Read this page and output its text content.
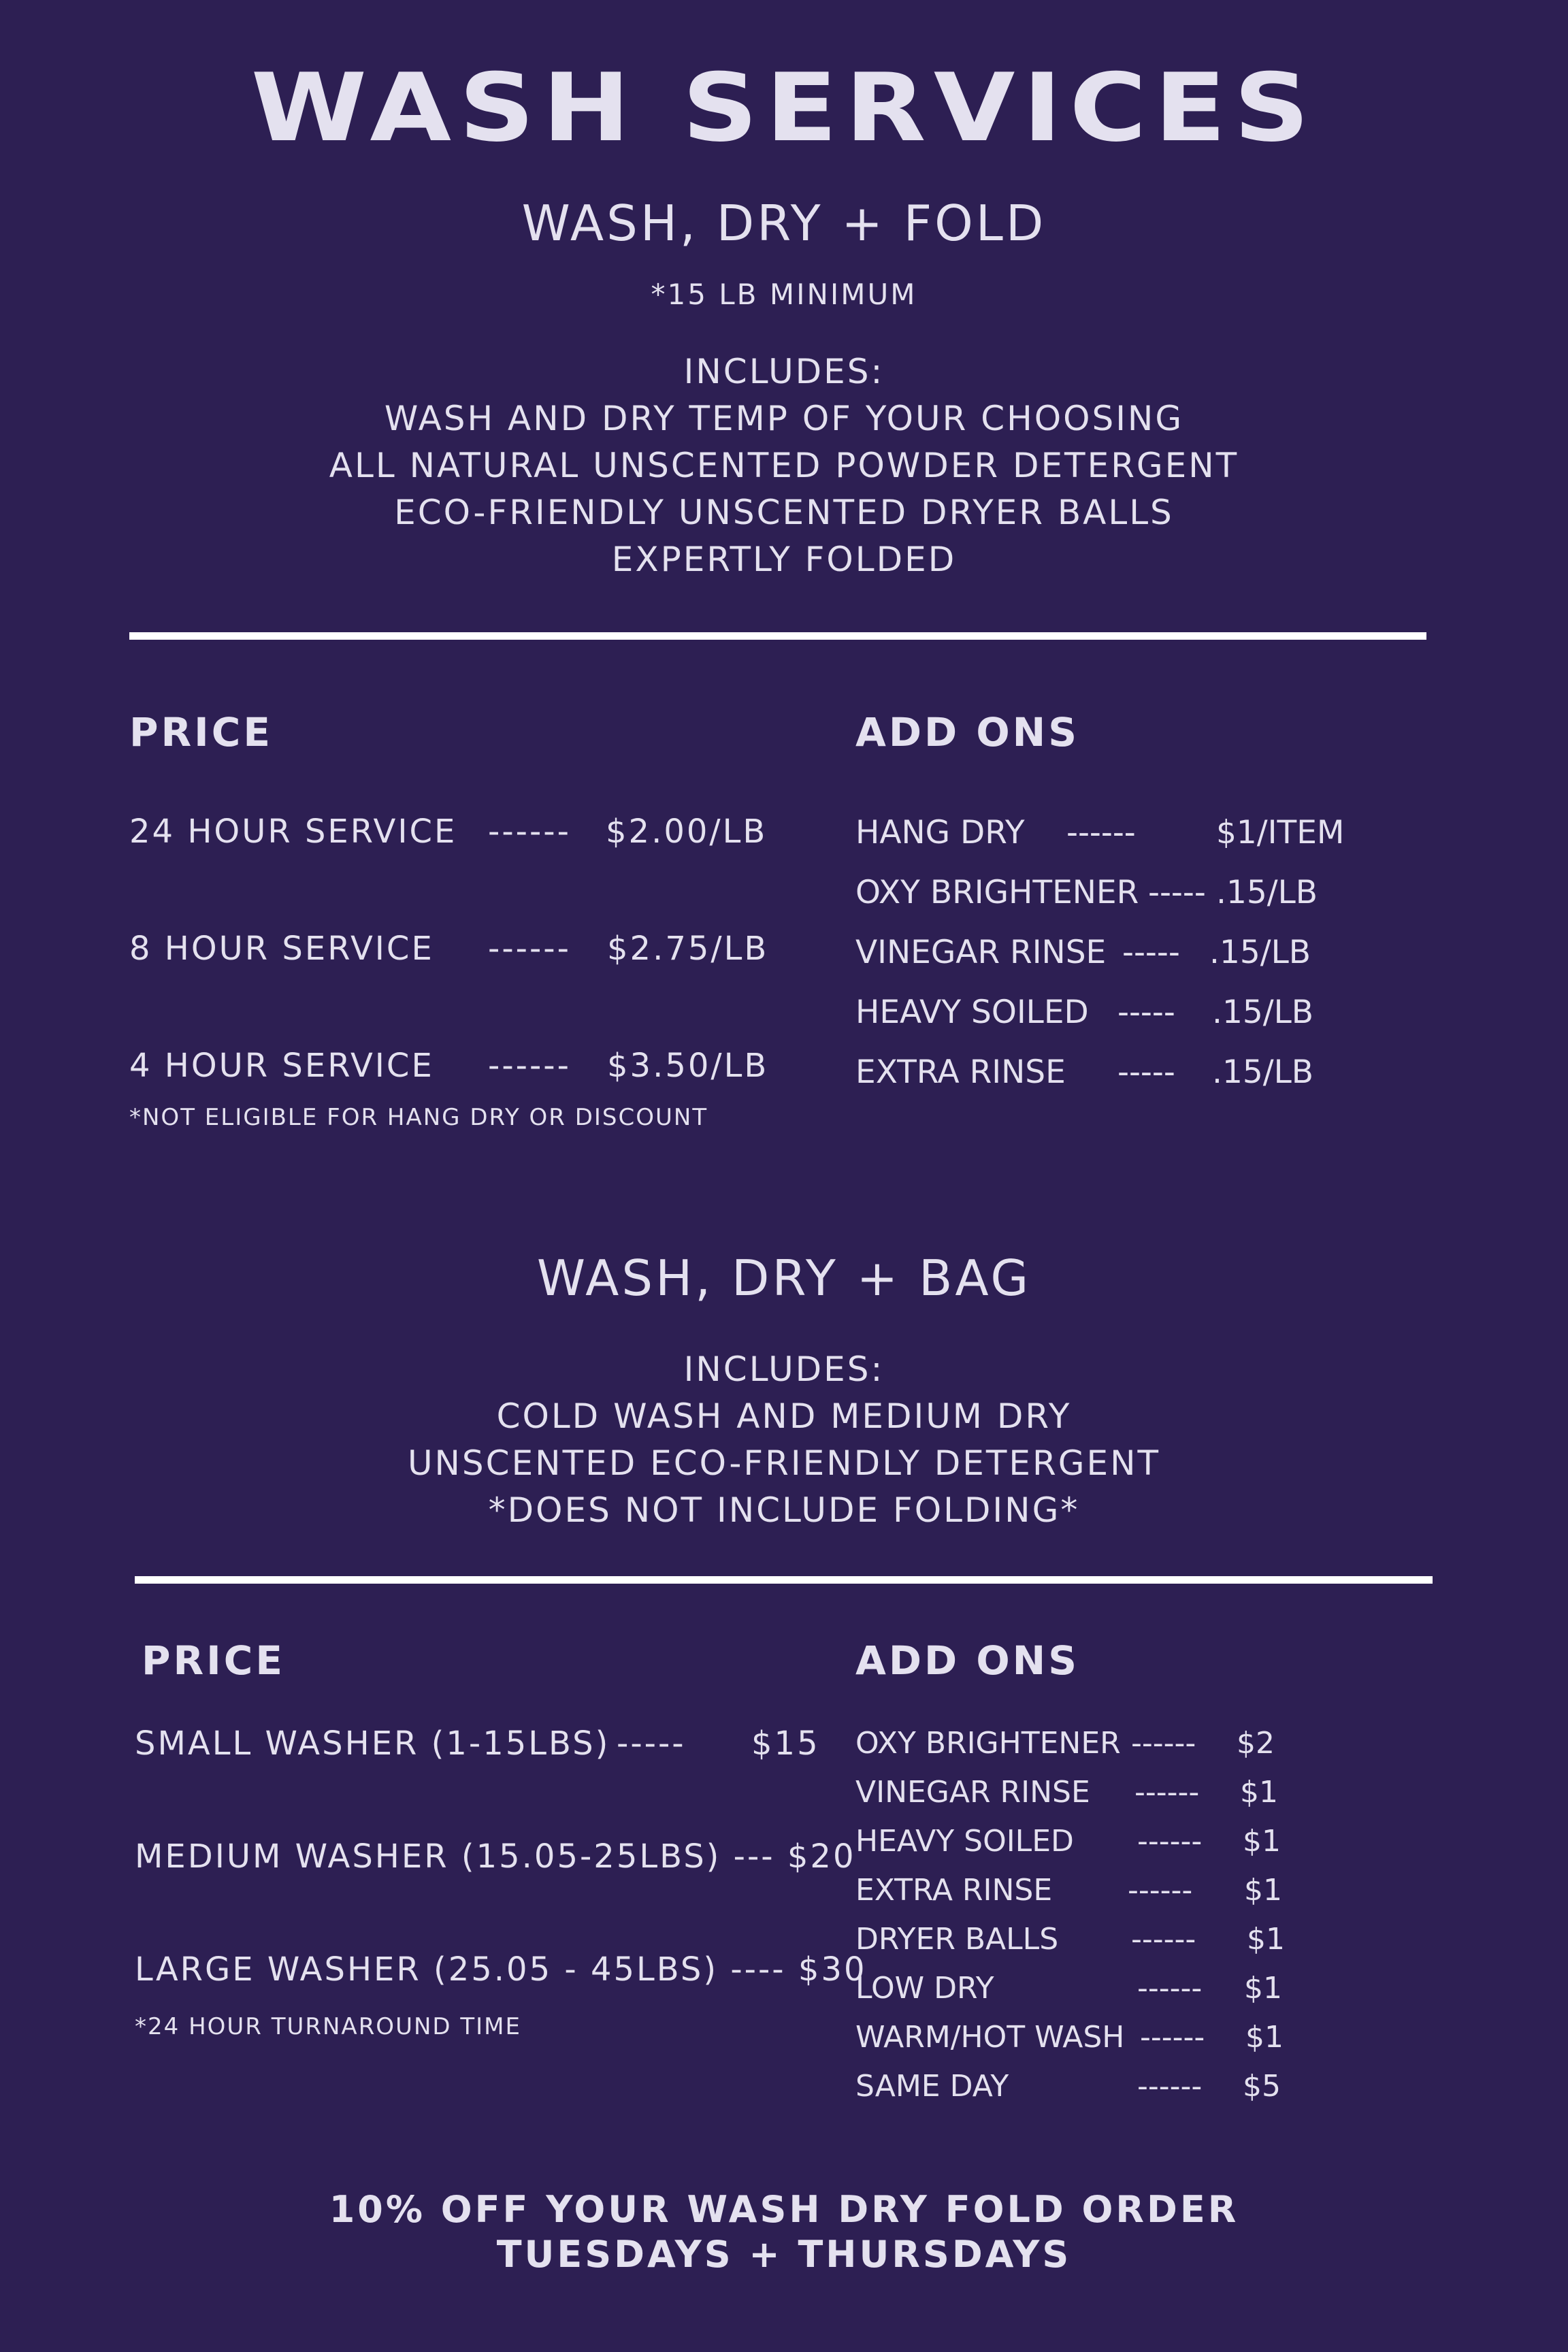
WASH SERVICES
WASH, DRY + FOLD
*15 LB MINIMUM
INCLUDES:
WASH AND DRY TEMP OF YOUR CHOOSING
ALL NATURAL UNSCENTED POWDER DETERGENT
ECO-FRIENDLY UNSCENTED DRYER BALLS
EXPERTLY FOLDED
PRICE	ADD ONS
24 HOUR SERVICE ------ $2.00/LB
8 HOUR SERVICE ------ $2.75/LB
4 HOUR SERVICE ------ $3.50/LB
*NOT ELIGIBLE FOR HANG DRY OR DISCOUNT
HANG DRY ------	$1/ITEM
OXY BRIGHTENER ----- .15/LB
VINEGAR RINSE ----- .15/LB
HEAVY SOILED ----- .15/LB
EXTRA RINSE ----- .15/LB
WASH, DRY + BAG
INCLUDES:
COLD WASH AND MEDIUM DRY
UNSCENTED ECO-FRIENDLY DETERGENT
*DOES NOT INCLUDE FOLDING*
PRICE	ADD ONS
SMALL WASHER (1-15LBS) ----- $15
MEDIUM WASHER (15.05-25LBS) --- $20
LARGE WASHER (25.05 - 45LBS) ---- $30
*24 HOUR TURNAROUND TIME
OXY BRIGHTENER ------ $2
VINEGAR RINSE ------ $1
HEAVY SOILED ------ $1
EXTRA RINSE	------ $1
DRYER BALLS ------ $1
LOW DRY	------ $1
WARM/HOT WASH ------ $1
SAME DAY	------ $5
10% OFF YOUR WASH DRY FOLD ORDER
TUESDAYS + THURSDAYS
